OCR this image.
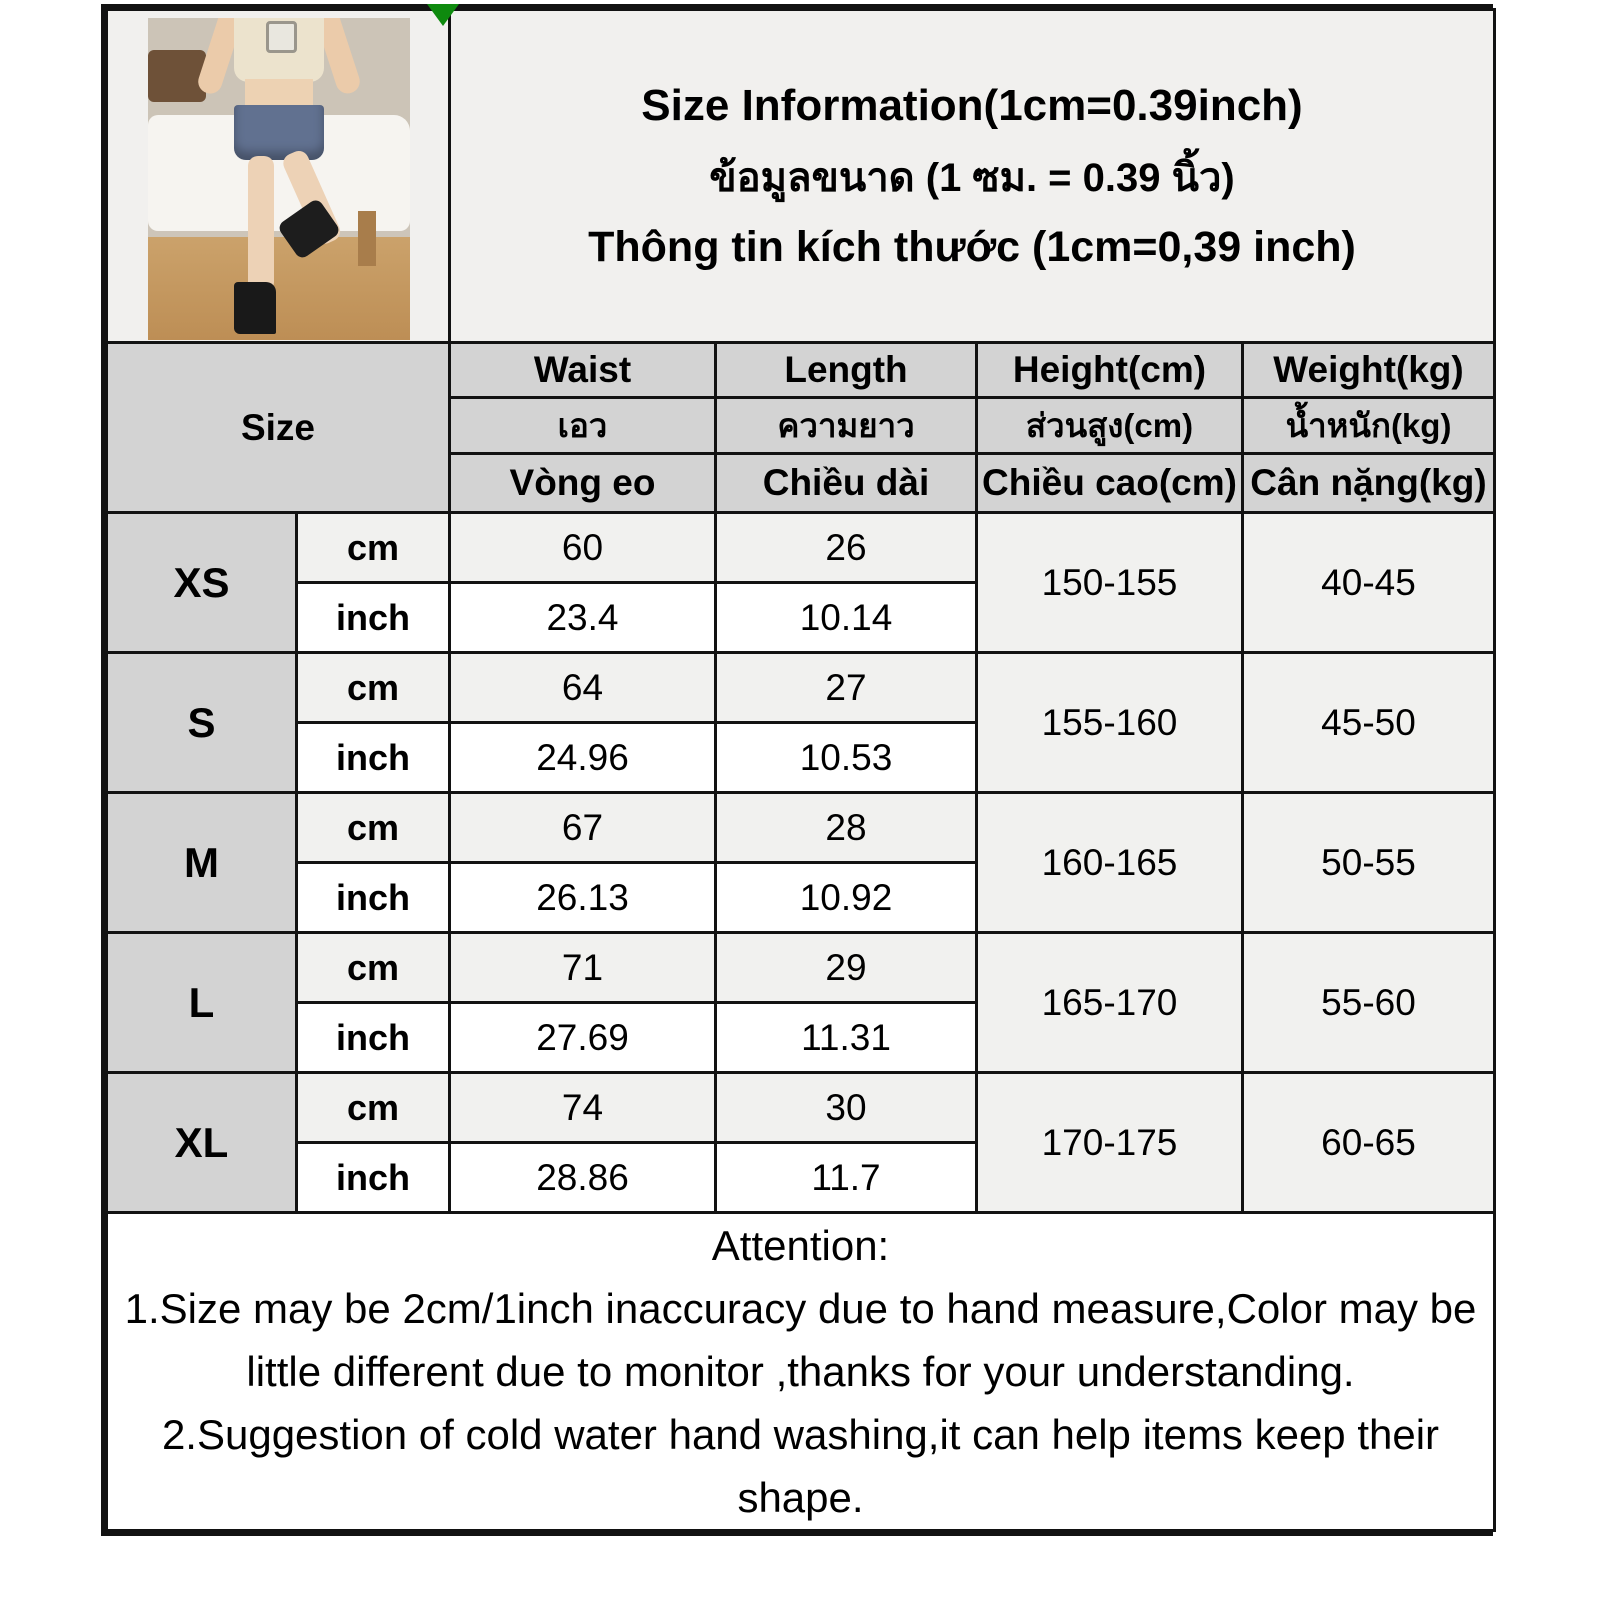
		Size Information(1cm=0.39inch)
ข้อมูลขนาด (1 ซม. = 0.39 นิ้ว)
Thông tin kích thước (1cm=0,39 inch)			

Size		Waist	Length	Height(cm)	Weight(kg)
		เอว	ความยาว	ส่วนสูง(cm)	น้ำหนัก(kg)
		Vòng eo	Chiều dài	Chiều cao(cm)	Cân nặng(kg)
XS	cm	60	26	150-155	40-45
	inch	23.4	10.14		
S	cm	64	27	155-160	45-50
	inch	24.96	10.53		
M	cm	67	28	160-165	50-55
	inch	26.13	10.92		
L	cm	71	29	165-170	55-60
	inch	27.69	11.31		
XL	cm	74	30	170-175	60-65
	inch	28.86	11.7		

Attention:
1.Size may be 2cm/1inch inaccuracy due to hand measure,Color may be little different due to monitor ,thanks for your understanding.
2.Suggestion of cold water hand washing,it can help items keep their shape.					
